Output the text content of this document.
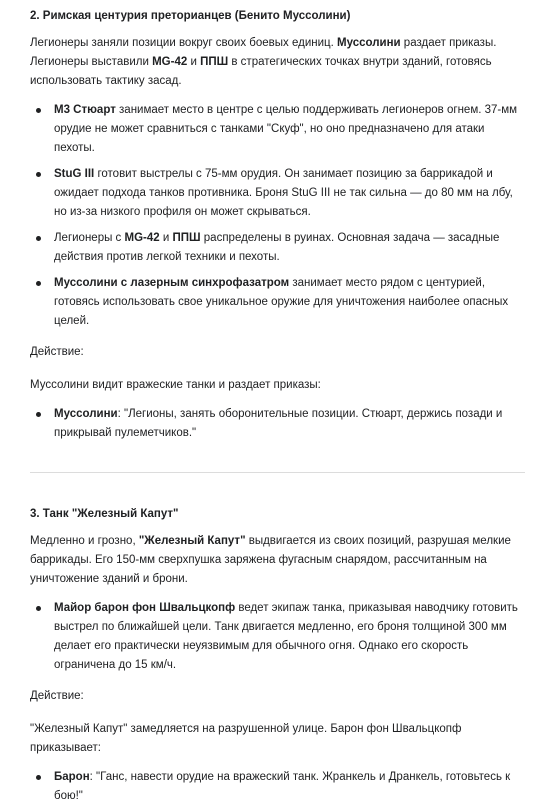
2. Римская центурия преторианцев (Бенито Муссолини)

Легионеры заняли позиции вокруг своих боевых единиц. Муссолини раздает приказы. Легионеры выставили MG-42 и ППШ в стратегических точках внутри зданий, готовясь использовать тактику засад.

M3 Стюарт занимает место в центре с целью поддерживать легионеров огнем. 37-мм орудие не может сравниться с танками "Скуф", но оно предназначено для атаки пехоты.
StuG III готовит выстрелы с 75-мм орудия. Он занимает позицию за баррикадой и ожидает подхода танков противника. Броня StuG III не так сильна — до 80 мм на лбу, но из-за низкого профиля он может скрываться.
Легионеры с MG-42 и ППШ распределены в руинах. Основная задача — засадные действия против легкой техники и пехоты.
Муссолини с лазерным синхрофазатром занимает место рядом с центурией, готовясь использовать свое уникальное оружие для уничтожения наиболее опасных целей.

Действие:

Муссолини видит вражеские танки и раздает приказы:

Муссолини: "Легионы, занять оборонительные позиции. Стюарт, держись позади и прикрывай пулеметчиков."
3. Танк "Железный Капут"

Медленно и грозно, "Железный Капут" выдвигается из своих позиций, разрушая мелкие баррикады. Его 150-мм сверхпушка заряжена фугасным снарядом, рассчитанным на уничтожение зданий и брони.

Майор барон фон Швальцкопф ведет экипаж танка, приказывая наводчику готовить выстрел по ближайшей цели. Танк двигается медленно, его броня толщиной 300 мм делает его практически неуязвимым для обычного огня. Однако его скорость ограничена до 15 км/ч.

Действие:

"Железный Капут" замедляется на разрушенной улице. Барон фон Швальцкопф приказывает:

Барон: "Ганс, навести орудие на вражеский танк. Жранкель и Дранкель, готовьтесь к бою!"
